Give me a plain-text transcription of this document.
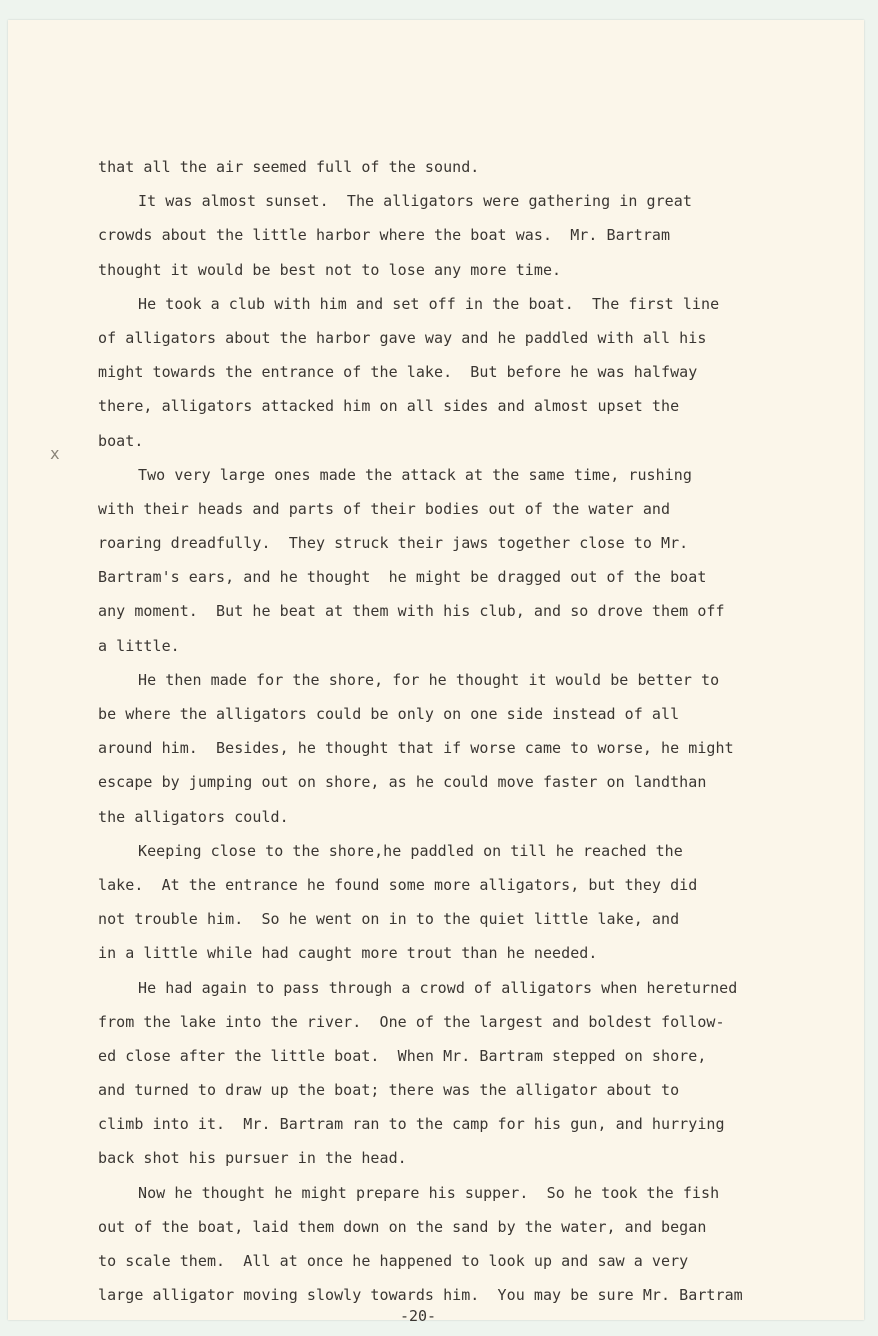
x
that all the air seemed full of the sound.
It was almost sunset.  The alligators were gathering in great
crowds about the little harbor where the boat was.  Mr. Bartram
thought it would be best not to lose any more time.
He took a club with him and set off in the boat.  The first line
of alligators about the harbor gave way and he paddled with all his
might towards the entrance of the lake.  But before he was halfway
there, alligators attacked him on all sides and almost upset the
boat.
Two very large ones made the attack at the same time, rushing
with their heads and parts of their bodies out of the water and
roaring dreadfully.  They struck their jaws together close to Mr.
Bartram's ears, and he thought  he might be dragged out of the boat
any moment.  But he beat at them with his club, and so drove them off
a little.
He then made for the shore, for he thought it would be better to
be where the alligators could be only on one side instead of all
around him.  Besides, he thought that if worse came to worse, he might
escape by jumping out on shore, as he could move faster on landthan
the alligators could.
Keeping close to the shore,he paddled on till he reached the
lake.  At the entrance he found some more alligators, but they did
not trouble him.  So he went on in to the quiet little lake, and
in a little while had caught more trout than he needed.
He had again to pass through a crowd of alligators when hereturned
from the lake into the river.  One of the largest and boldest follow-
ed close after the little boat.  When Mr. Bartram stepped on shore,
and turned to draw up the boat; there was the alligator about to
climb into it.  Mr. Bartram ran to the camp for his gun, and hurrying
back shot his pursuer in the head.
Now he thought he might prepare his supper.  So he took the fish
out of the boat, laid them down on the sand by the water, and began
to scale them.  All at once he happened to look up and saw a very
large alligator moving slowly towards him.  You may be sure Mr. Bartram
-20-
